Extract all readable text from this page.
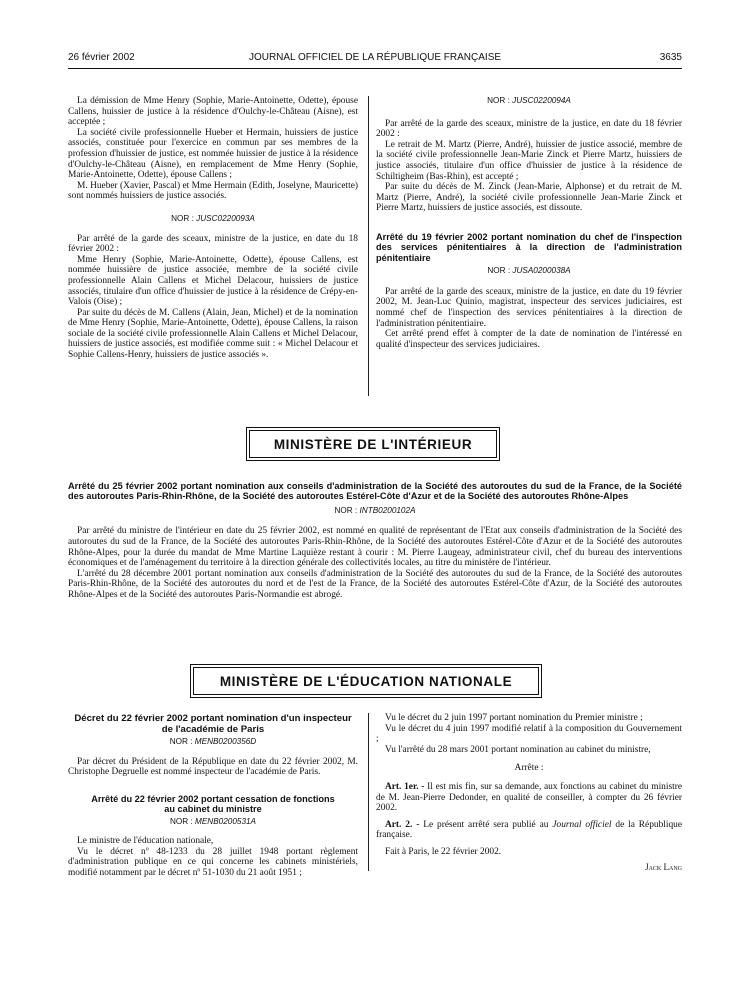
26 février 2002	JOURNAL OFFICIEL DE LA RÉPUBLIQUE FRANÇAISE	3635

La démission de Mme Henry (Sophie, Marie-Antoinette, Odette), épouse Callens, huissier de justice à la résidence d'Oulchy-le-Château (Aisne), est acceptée ;

La société civile professionnelle Hueber et Hermain, huissiers de justice associés, constituée pour l'exercice en commun par ses membres de la profession d'huissier de justice, est nommée huissier de justice à la résidence d'Oulchy-le-Château (Aisne), en remplacement de Mme Henry (Sophie, Marie-Antoinette, Odette), épouse Callens ;

M. Hueber (Xavier, Pascal) et Mme Hermain (Edith, Joselyne, Mauricette) sont nommés huissiers de justice associés.

NOR : JUSC0220093A

Par arrêté de la garde des sceaux, ministre de la justice, en date du 18 février 2002 :

Mme Henry (Sophie, Marie-Antoinette, Odette), épouse Callens, est nommée huissière de justice associée, membre de la société civile professionnelle Alain Callens et Michel Delacour, huissiers de justice associés, titulaire d'un office d'huissier de justice à la résidence de Crépy-en-Valois (Oise) ;

Par suite du décès de M. Callens (Alain, Jean, Michel) et de la nomination de Mme Henry (Sophie, Marie-Antoinette, Odette), épouse Callens, la raison sociale de la société civile professionnelle Alain Callens et Michel Delacour, huissiers de justice associés, est modifiée comme suit : « Michel Delacour et Sophie Callens-Henry, huissiers de justice associés ».

NOR : JUSC0220094A

Par arrêté de la garde des sceaux, ministre de la justice, en date du 18 février 2002 :

Le retrait de M. Martz (Pierre, André), huissier de justice associé, membre de la société civile professionnelle Jean-Marie Zinck et Pierre Martz, huissiers de justice associés, titulaire d'un office d'huissier de justice à la résidence de Schiltigheim (Bas-Rhin), est accepté ;

Par suite du décès de M. Zinck (Jean-Marie, Alphonse) et du retrait de M. Martz (Pierre, André), la société civile professionnelle Jean-Marie Zinck et Pierre Martz, huissiers de justice associés, est dissoute.

Arrêté du 19 février 2002 portant nomination du chef de l'inspection des services pénitentiaires à la direction de l'administration pénitentiaire
NOR : JUSA0200038A

Par arrêté de la garde des sceaux, ministre de la justice, en date du 19 février 2002, M. Jean-Luc Quinio, magistrat, inspecteur des services judiciaires, est nommé chef de l'inspection des services pénitentiaires à la direction de l'administration pénitentiaire.

Cet arrêté prend effet à compter de la date de nomination de l'intéressé en qualité d'inspecteur des services judiciaires.

MINISTÈRE DE L'INTÉRIEUR
Arrêté du 25 février 2002 portant nomination aux conseils d'administration de la Société des autoroutes du sud de la France, de la Société des autoroutes Paris-Rhin-Rhône, de la Société des autoroutes Estérel-Côte d'Azur et de la Société des autoroutes Rhône-Alpes
NOR : INTB0200102A

Par arrêté du ministre de l'intérieur en date du 25 février 2002, est nommé en qualité de représentant de l'Etat aux conseils d'administration de la Société des autoroutes du sud de la France, de la Société des autoroutes Paris-Rhin-Rhône, de la Société des autoroutes Estérel-Côte d'Azur et de la Société des autoroutes Rhône-Alpes, pour la durée du mandat de Mme Martine Laquièze restant à courir : M. Pierre Laugeay, administrateur civil, chef du bureau des interventions économiques et de l'aménagement du territoire à la direction générale des collectivités locales, au titre du ministère de l'intérieur.

L'arrêté du 28 décembre 2001 portant nomination aux conseils d'administration de la Société des autoroutes du sud de la France, de la Société des autoroutes Paris-Rhin-Rhône, de la Société des autoroutes du nord et de l'est de la France, de la Société des autoroutes Estérel-Côte d'Azur, de la Société des autoroutes Rhône-Alpes et de la Société des autoroutes Paris-Normandie est abrogé.

MINISTÈRE DE L'ÉDUCATION NATIONALE
Décret du 22 février 2002 portant nomination d'un inspecteur de l'académie de Paris
NOR : MENB0200356D

Par décret du Président de la République en date du 22 février 2002, M. Christophe Degruelle est nommé inspecteur de l'académie de Paris.

Arrêté du 22 février 2002 portant cessation de fonctions au cabinet du ministre
NOR : MENB0200531A

Le ministre de l'éducation nationale,

Vu le décret nº 48-1233 du 28 juillet 1948 portant règlement d'administration publique en ce qui concerne les cabinets ministériels, modifié notamment par le décret nº 51-1030 du 21 août 1951 ;

Vu le décret du 2 juin 1997 portant nomination du Premier ministre ;

Vu le décret du 4 juin 1997 modifié relatif à la composition du Gouvernement ;

Vu l'arrêté du 28 mars 2001 portant nomination au cabinet du ministre,

Arrête :

Art. 1er. - Il est mis fin, sur sa demande, aux fonctions au cabinet du ministre de M. Jean-Pierre Dedonder, en qualité de conseiller, à compter du 26 février 2002.

Art. 2. - Le présent arrêté sera publié au Journal officiel de la République française.

Fait à Paris, le 22 février 2002.

Jack Lang
